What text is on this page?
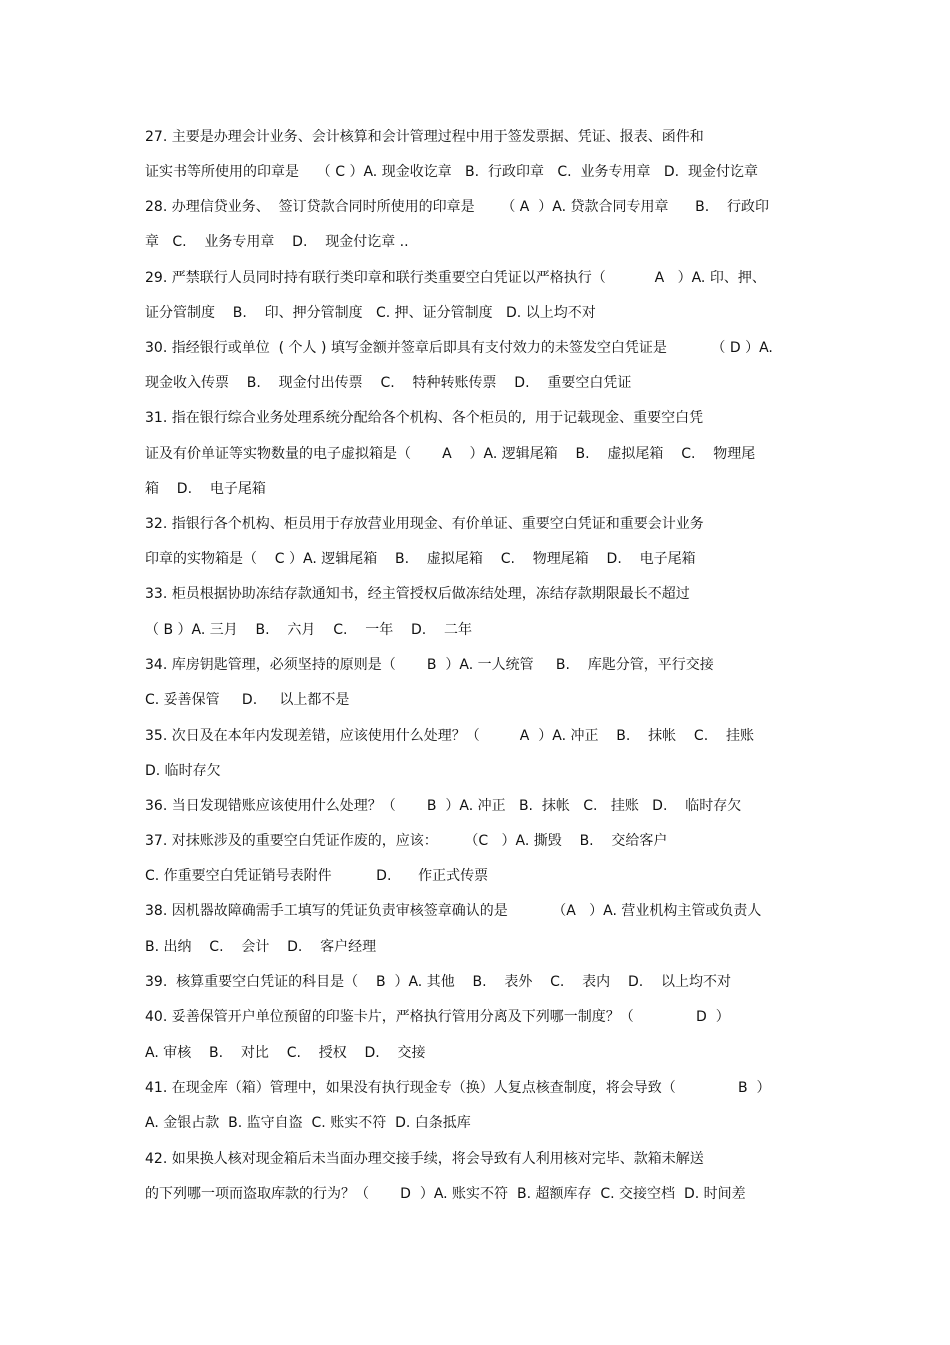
27. 主要是办理会计业务、会计核算和会计管理过程中用于签发票据、凭证、报表、函件和
证实书等所使用的印章是    （ C ）A. 现金收讫章   B.  行政印章   C.  业务专用章   D.  现金付讫章
28. 办理信贷业务、  签订贷款合同时所使用的印章是      （ A  ）A. 贷款合同专用章      B.    行政印
章   C.    业务专用章    D.    现金付讫章 ..
29. 严禁联行人员同时持有联行类印章和联行类重要空白凭证以严格执行（           A   ）A. 印、押、
证分管制度    B.    印、押分管制度   C. 押、证分管制度   D. 以上均不对
30. 指经银行或单位  ( 个人 ) 填写金额并签章后即具有支付效力的未签发空白凭证是          （ D ）A.
现金收入传票    B.    现金付出传票    C.    特种转账传票    D.    重要空白凭证
31. 指在银行综合业务处理系统分配给各个机构、各个柜员的,  用于记载现金、重要空白凭
证及有价单证等实物数量的电子虚拟箱是（       A    ）A. 逻辑尾箱    B.    虚拟尾箱    C.    物理尾
箱    D.    电子尾箱
32. 指银行各个机构、柜员用于存放营业用现金、有价单证、重要空白凭证和重要会计业务
印章的实物箱是（    C ）A. 逻辑尾箱    B.    虚拟尾箱    C.    物理尾箱    D.    电子尾箱
33. 柜员根据协助冻结存款通知书，经主管授权后做冻结处理，冻结存款期限最长不超过
（ B ）A. 三月    B.    六月    C.    一年    D.    二年
34. 库房钥匙管理，必须坚持的原则是（       B  ）A. 一人统管     B.    库匙分管，平行交接
C. 妥善保管     D.     以上都不是
35. 次日及在本年内发现差错，应该使用什么处理？（         A  ）A. 冲正    B.    抹帐    C.    挂账
D. 临时存欠
36. 当日发现错账应该使用什么处理？（       B  ）A. 冲正   B.  抹帐   C.   挂账   D.    临时存欠
37. 对抹账涉及的重要空白凭证作废的，应该：      （C   ）A. 撕毁    B.    交给客户
C. 作重要空白凭证销号表附件          D.      作正式传票
38. 因机器故障确需手工填写的凭证负责审核签章确认的是          （A   ）A. 营业机构主管或负责人
B. 出纳    C.    会计    D.    客户经理
39.  核算重要空白凭证的科目是（    B  ）A. 其他    B.    表外    C.    表内    D.    以上均不对
40. 妥善保管开户单位预留的印鉴卡片，严格执行管用分离及下列哪一制度？（              D  ）
A. 审核    B.    对比    C.    授权    D.    交接
41. 在现金库（箱）管理中，如果没有执行现金专（换）人复点核查制度，将会导致（              B  ）
A. 金银占款  B. 监守自盗  C. 账实不符  D. 白条抵库
42. 如果换人核对现金箱后未当面办理交接手续，将会导致有人利用核对完毕、款箱未解送
的下列哪一项而盗取库款的行为？（       D  ）A. 账实不符  B. 超额库存  C. 交接空档  D. 时间差
